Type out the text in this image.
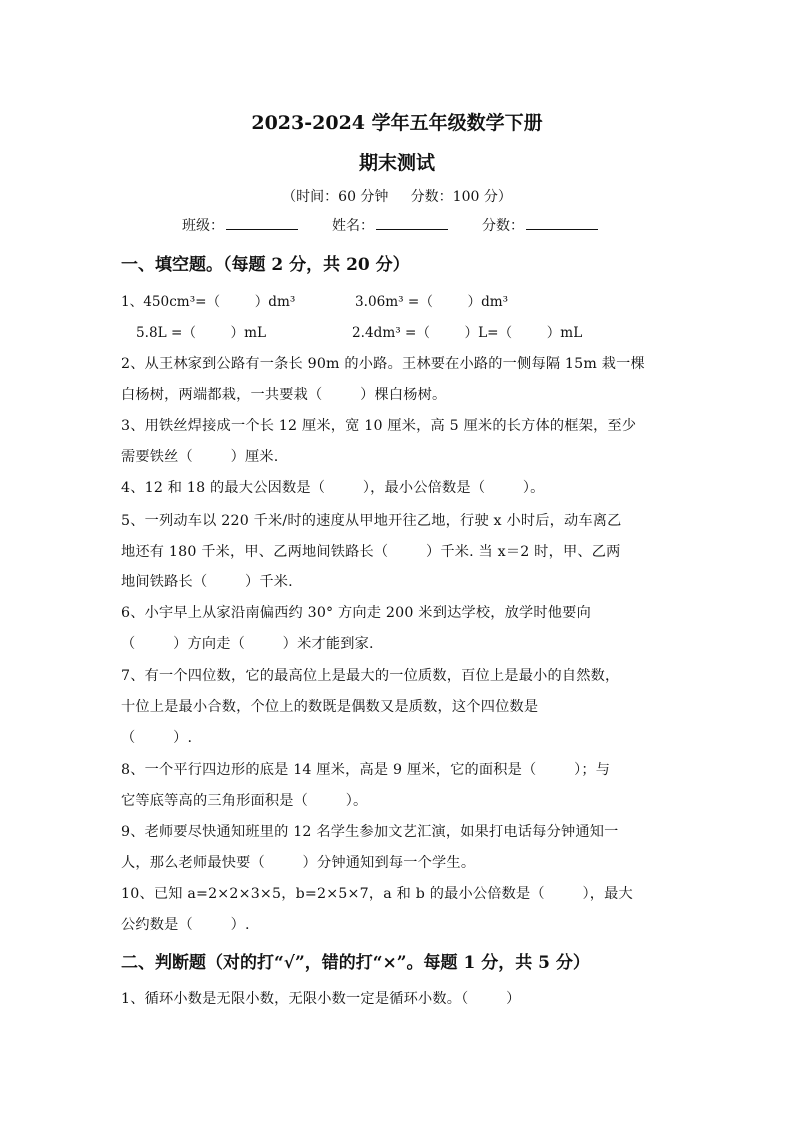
2023-2024 学年五年级数学下册
期末测试
（时间：60 分钟     分数：100 分）
班级：	姓名：	分数：
一、填空题。（每题 2 分，共 20 分）
1、450cm³=（        ）dm³	3.06m³ =（        ）dm³
5.8L =（        ）mL	2.4dm³ =（        ）L=（        ）mL
2、从王林家到公路有一条长 90m 的小路。王林要在小路的一侧每隔 15m 栽一棵
白杨树，两端都栽，一共要栽（        ）棵白杨树。
3、用铁丝焊接成一个长 12 厘米，宽 10 厘米，高 5 厘米的长方体的框架，至少
需要铁丝（        ）厘米.
4、12 和 18 的最大公因数是（        ），最小公倍数是（        ）。
5、一列动车以 220 千米/时的速度从甲地开往乙地，行驶 x 小时后，动车离乙
地还有 180 千米，甲、乙两地间铁路长（        ）千米. 当 x＝2 时，甲、乙两
地间铁路长（        ）千米.
6、小宇早上从家沿南偏西约 30° 方向走 200 米到达学校，放学时他要向
（        ）方向走（        ）米才能到家.
7、有一个四位数，它的最高位上是最大的一位质数，百位上是最小的自然数，
十位上是最小合数，个位上的数既是偶数又是质数，这个四位数是
（        ）.
8、一个平行四边形的底是 14 厘米，高是 9 厘米，它的面积是（        ）；与
它等底等高的三角形面积是（        ）。
9、老师要尽快通知班里的 12 名学生参加文艺汇演，如果打电话每分钟通知一
人，那么老师最快要（        ）分钟通知到每一个学生。
10、已知 a=2×2×3×5，b=2×5×7，a 和 b 的最小公倍数是（        ），最大
公约数是（        ）.
二、判断题（对的打“√”，错的打“×”。每题 1 分，共 5 分）
1、循环小数是无限小数，无限小数一定是循环小数。（        ）
